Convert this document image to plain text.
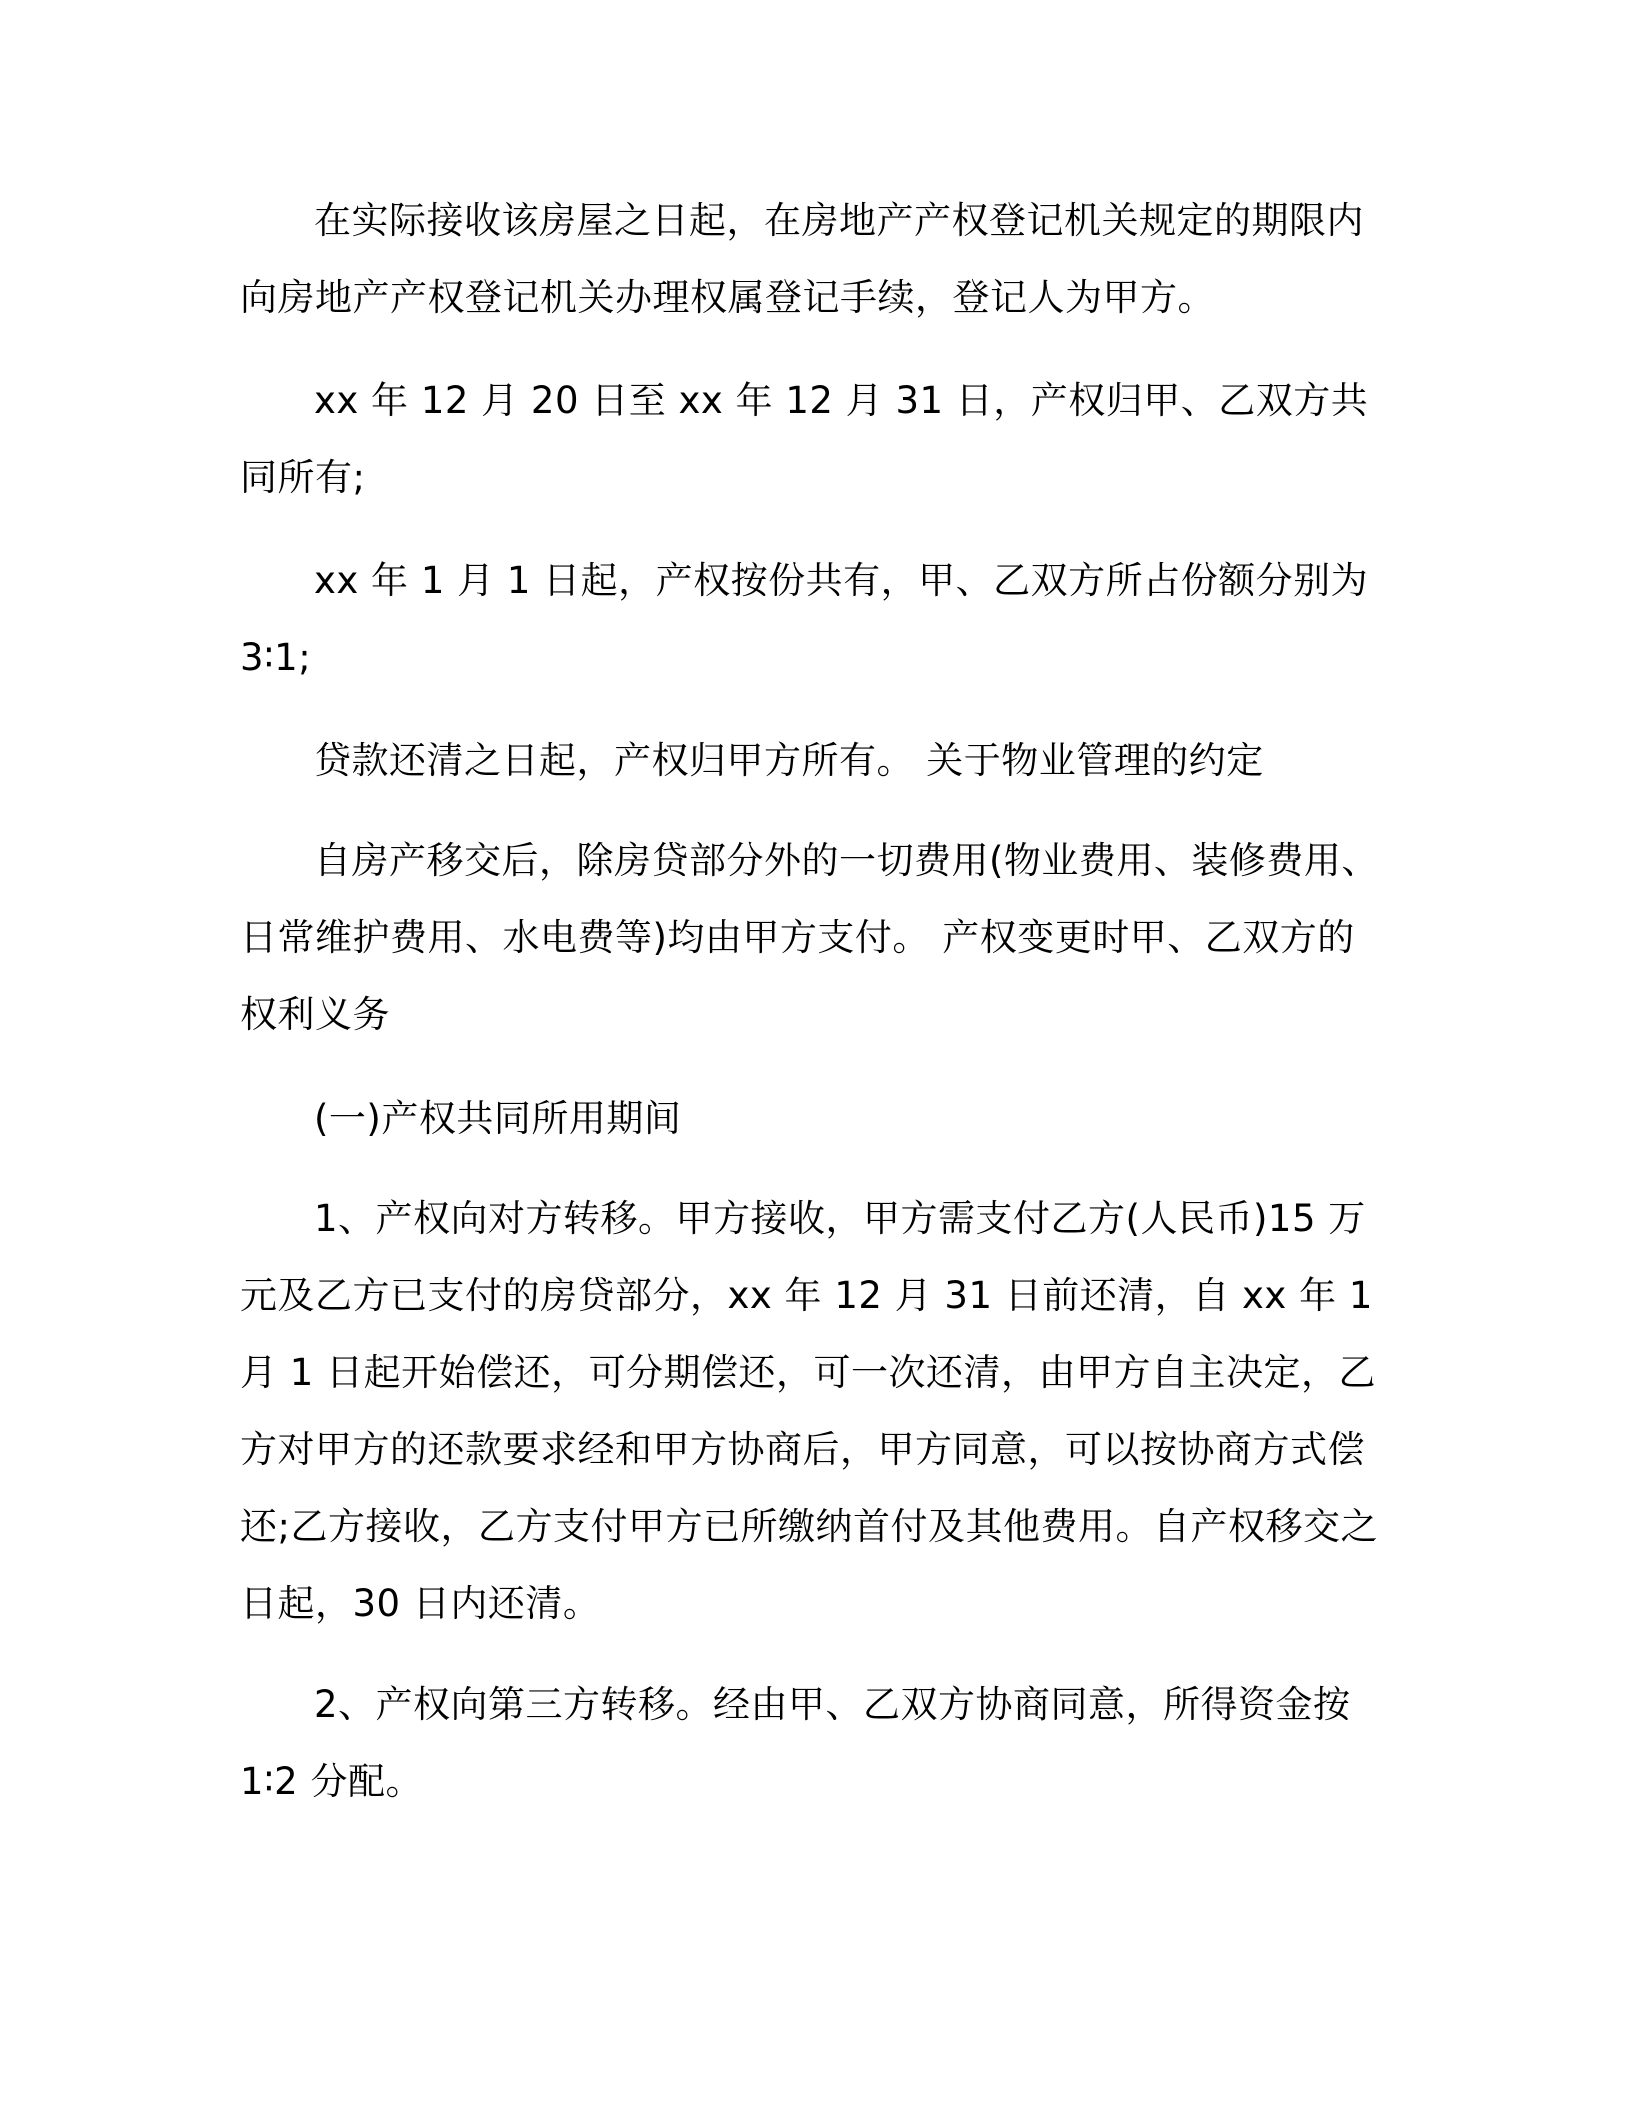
在实际接收该房屋之日起，在房地产产权登记机关规定的期限内向房地产产权登记机关办理权属登记手续，登记人为甲方。

xx 年 12 月 20 日至 xx 年 12 月 31 日，产权归甲、乙双方共同所有;

xx 年 1 月 1 日起，产权按份共有，甲、乙双方所占份额分别为 3∶1;

贷款还清之日起，产权归甲方所有。 关于物业管理的约定

自房产移交后，除房贷部分外的一切费用(物业费用、装修费用、日常维护费用、水电费等)均由甲方支付。 产权变更时甲、乙双方的权利义务

(一)产权共同所用期间

1、产权向对方转移。甲方接收，甲方需支付乙方(人民币)15 万元及乙方已支付的房贷部分，xx 年 12 月 31 日前还清，自 xx 年 1 月 1 日起开始偿还，可分期偿还，可一次还清，由甲方自主决定，乙方对甲方的还款要求经和甲方协商后，甲方同意，可以按协商方式偿还;乙方接收，乙方支付甲方已所缴纳首付及其他费用。自产权移交之日起，30 日内还清。

2、产权向第三方转移。经由甲、乙双方协商同意，所得资金按 1∶2 分配。
